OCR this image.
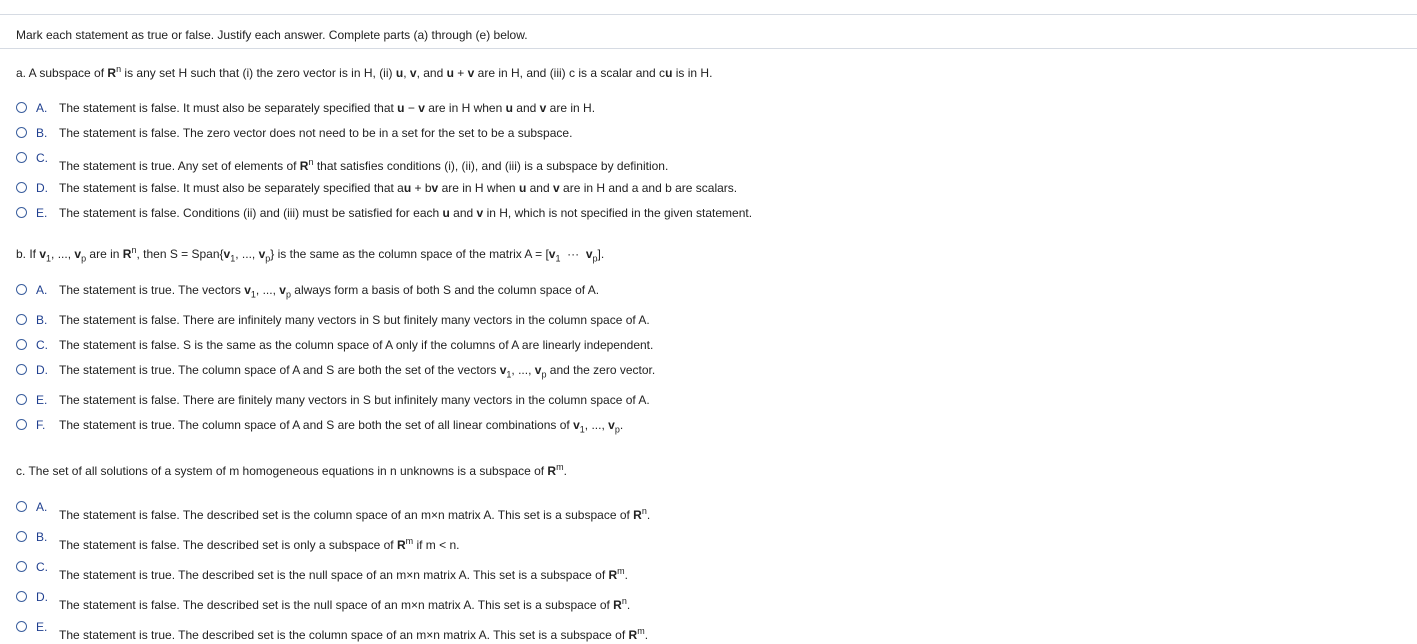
Mark each statement as true or false. Justify each answer. Complete parts (a) through (e) below.
a. A subspace of $R^n$ is any set H such that (i) the zero vector is in H, (ii) u, v, and u + v are in H, and (iii) c is a scalar and cu is in H.
A. The statement is false. It must also be separately specified that u − v are in H when u and v are in H.
B. The statement is false. The zero vector does not need to be in a set for the set to be a subspace.
C.
The statement is true. Any set of elements of $R^n$ that satisfies conditions (i), (ii), and (iii) is a subspace by definition.
D. The statement is false. It must also be separately specified that au + bv are in H when u and v are in H and a and b are scalars.
E. The statement is false. Conditions (ii) and (iii) must be satisfied for each u and v in H, which is not specified in the given statement.
b. If $v_1$, ..., $v_p$ are in $R^n$, then $S = Span\{v_1$, ..., $v_p$} is the same as the column space of the matrix $A = [v_1$  ···  $v_p$].
A. The statement is true. The vectors $v_1$, ..., $v_p$ always form a basis of both S and the column space of A.
B. The statement is false. There are infinitely many vectors in S but finitely many vectors in the column space of A.
C. The statement is false. S is the same as the column space of A only if the columns of A are linearly independent.
D. The statement is true. The column space of A and S are both the set of the vectors $v_1$, ..., $v_p$ and the zero vector.
E. The statement is false. There are finitely many vectors in S but infinitely many vectors in the column space of A.
F. The statement is true. The column space of A and S are both the set of all linear combinations of $v_1$, ..., $v_p$.
c. The set of all solutions of a system of m homogeneous equations in n unknowns is a subspace of $R^m$.
A.
The statement is false. The described set is the column space of an m×n matrix A. This set is a subspace of $R^n$.
B.
The statement is false. The described set is only a subspace of $R^m$ if m < n.
C.
The statement is true. The described set is the null space of an m×n matrix A. This set is a subspace of $R^m$.
D.
The statement is false. The described set is the null space of an m×n matrix A. This set is a subspace of $R^n$.
E.
The statement is true. The described set is the column space of an m×n matrix A. This set is a subspace of $R^m$.
